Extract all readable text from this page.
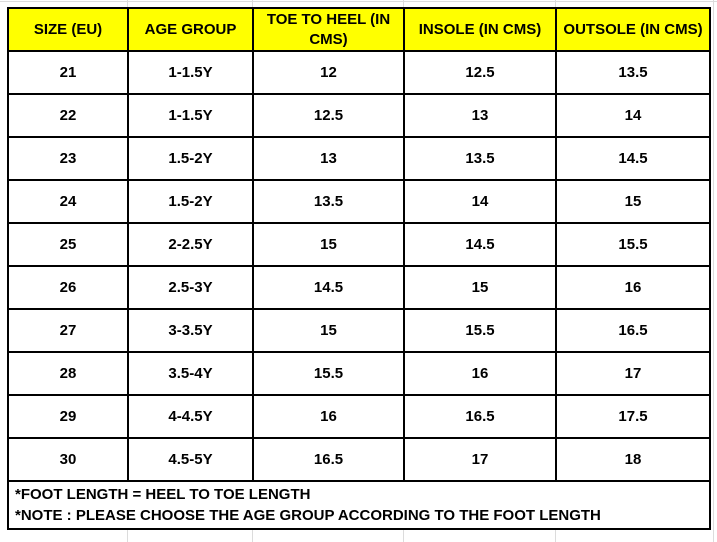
SIZE (EU)	AGE GROUP	TOE TO HEEL (IN CMS)	INSOLE (IN CMS)	OUTSOLE (IN CMS)
21	1-1.5Y	12	12.5	13.5
22	1-1.5Y	12.5	13	14
23	1.5-2Y	13	13.5	14.5
24	1.5-2Y	13.5	14	15
25	2-2.5Y	15	14.5	15.5
26	2.5-3Y	14.5	15	16
27	3-3.5Y	15	15.5	16.5
28	3.5-4Y	15.5	16	17
29	4-4.5Y	16	16.5	17.5
30	4.5-5Y	16.5	17	18

*FOOT LENGTH = HEEL TO TOE LENGTH
*NOTE : PLEASE CHOOSE THE AGE GROUP ACCORDING TO THE FOOT LENGTH				
